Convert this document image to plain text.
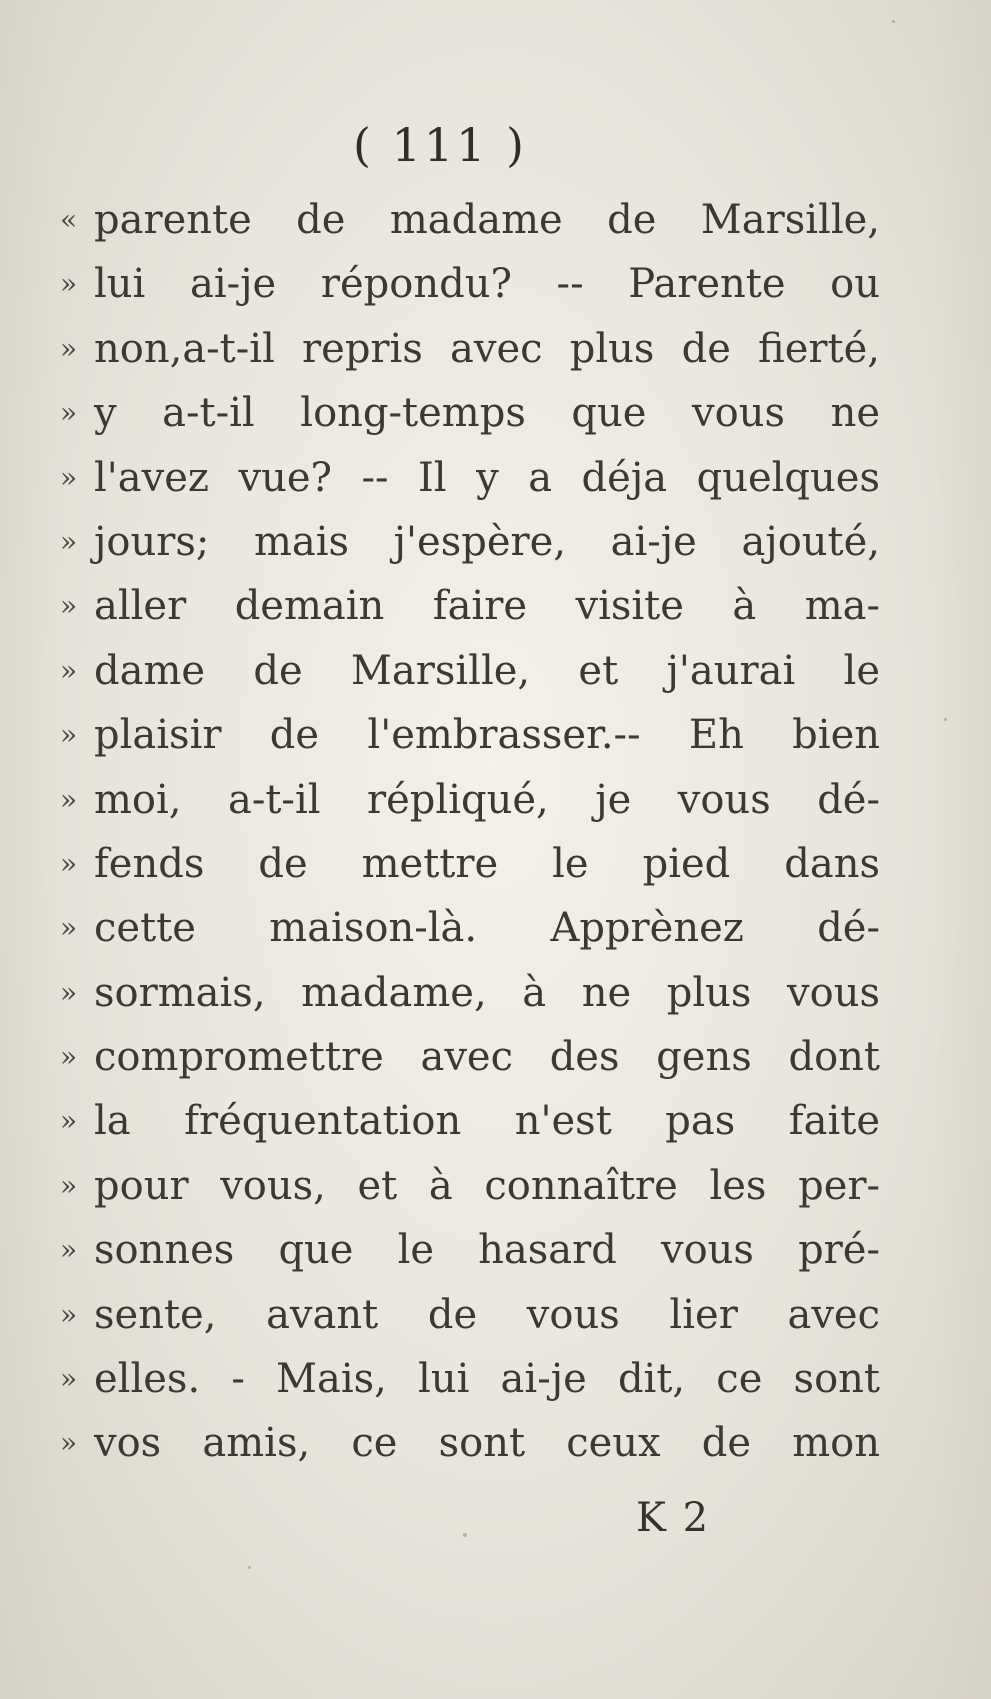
( 111 )
« parente de madame de Marsille,
» lui ai-je répondu? -- Parente ou
» non,a-t-il repris avec plus de fierté,
» y a-t-il long-temps que vous ne
» l'avez vue? -- Il y a déja quelques
» jours; mais j'espère, ai-je ajouté,
» aller demain faire visite à ma-
» dame de Marsille, et j'aurai le
» plaisir de l'embrasser.-- Eh bien
» moi, a-t-il répliqué, je vous dé-
» fends de mettre le pied dans
» cette maison-là. Apprènez dé-
» sormais, madame, à ne plus vous
» compromettre avec des gens dont
» la fréquentation n'est pas faite
» pour vous, et à connaître les per-
» sonnes que le hasard vous pré-
» sente, avant de vous lier avec
» elles. - Mais, lui ai-je dit, ce sont
» vos amis, ce sont ceux de mon
K 2
